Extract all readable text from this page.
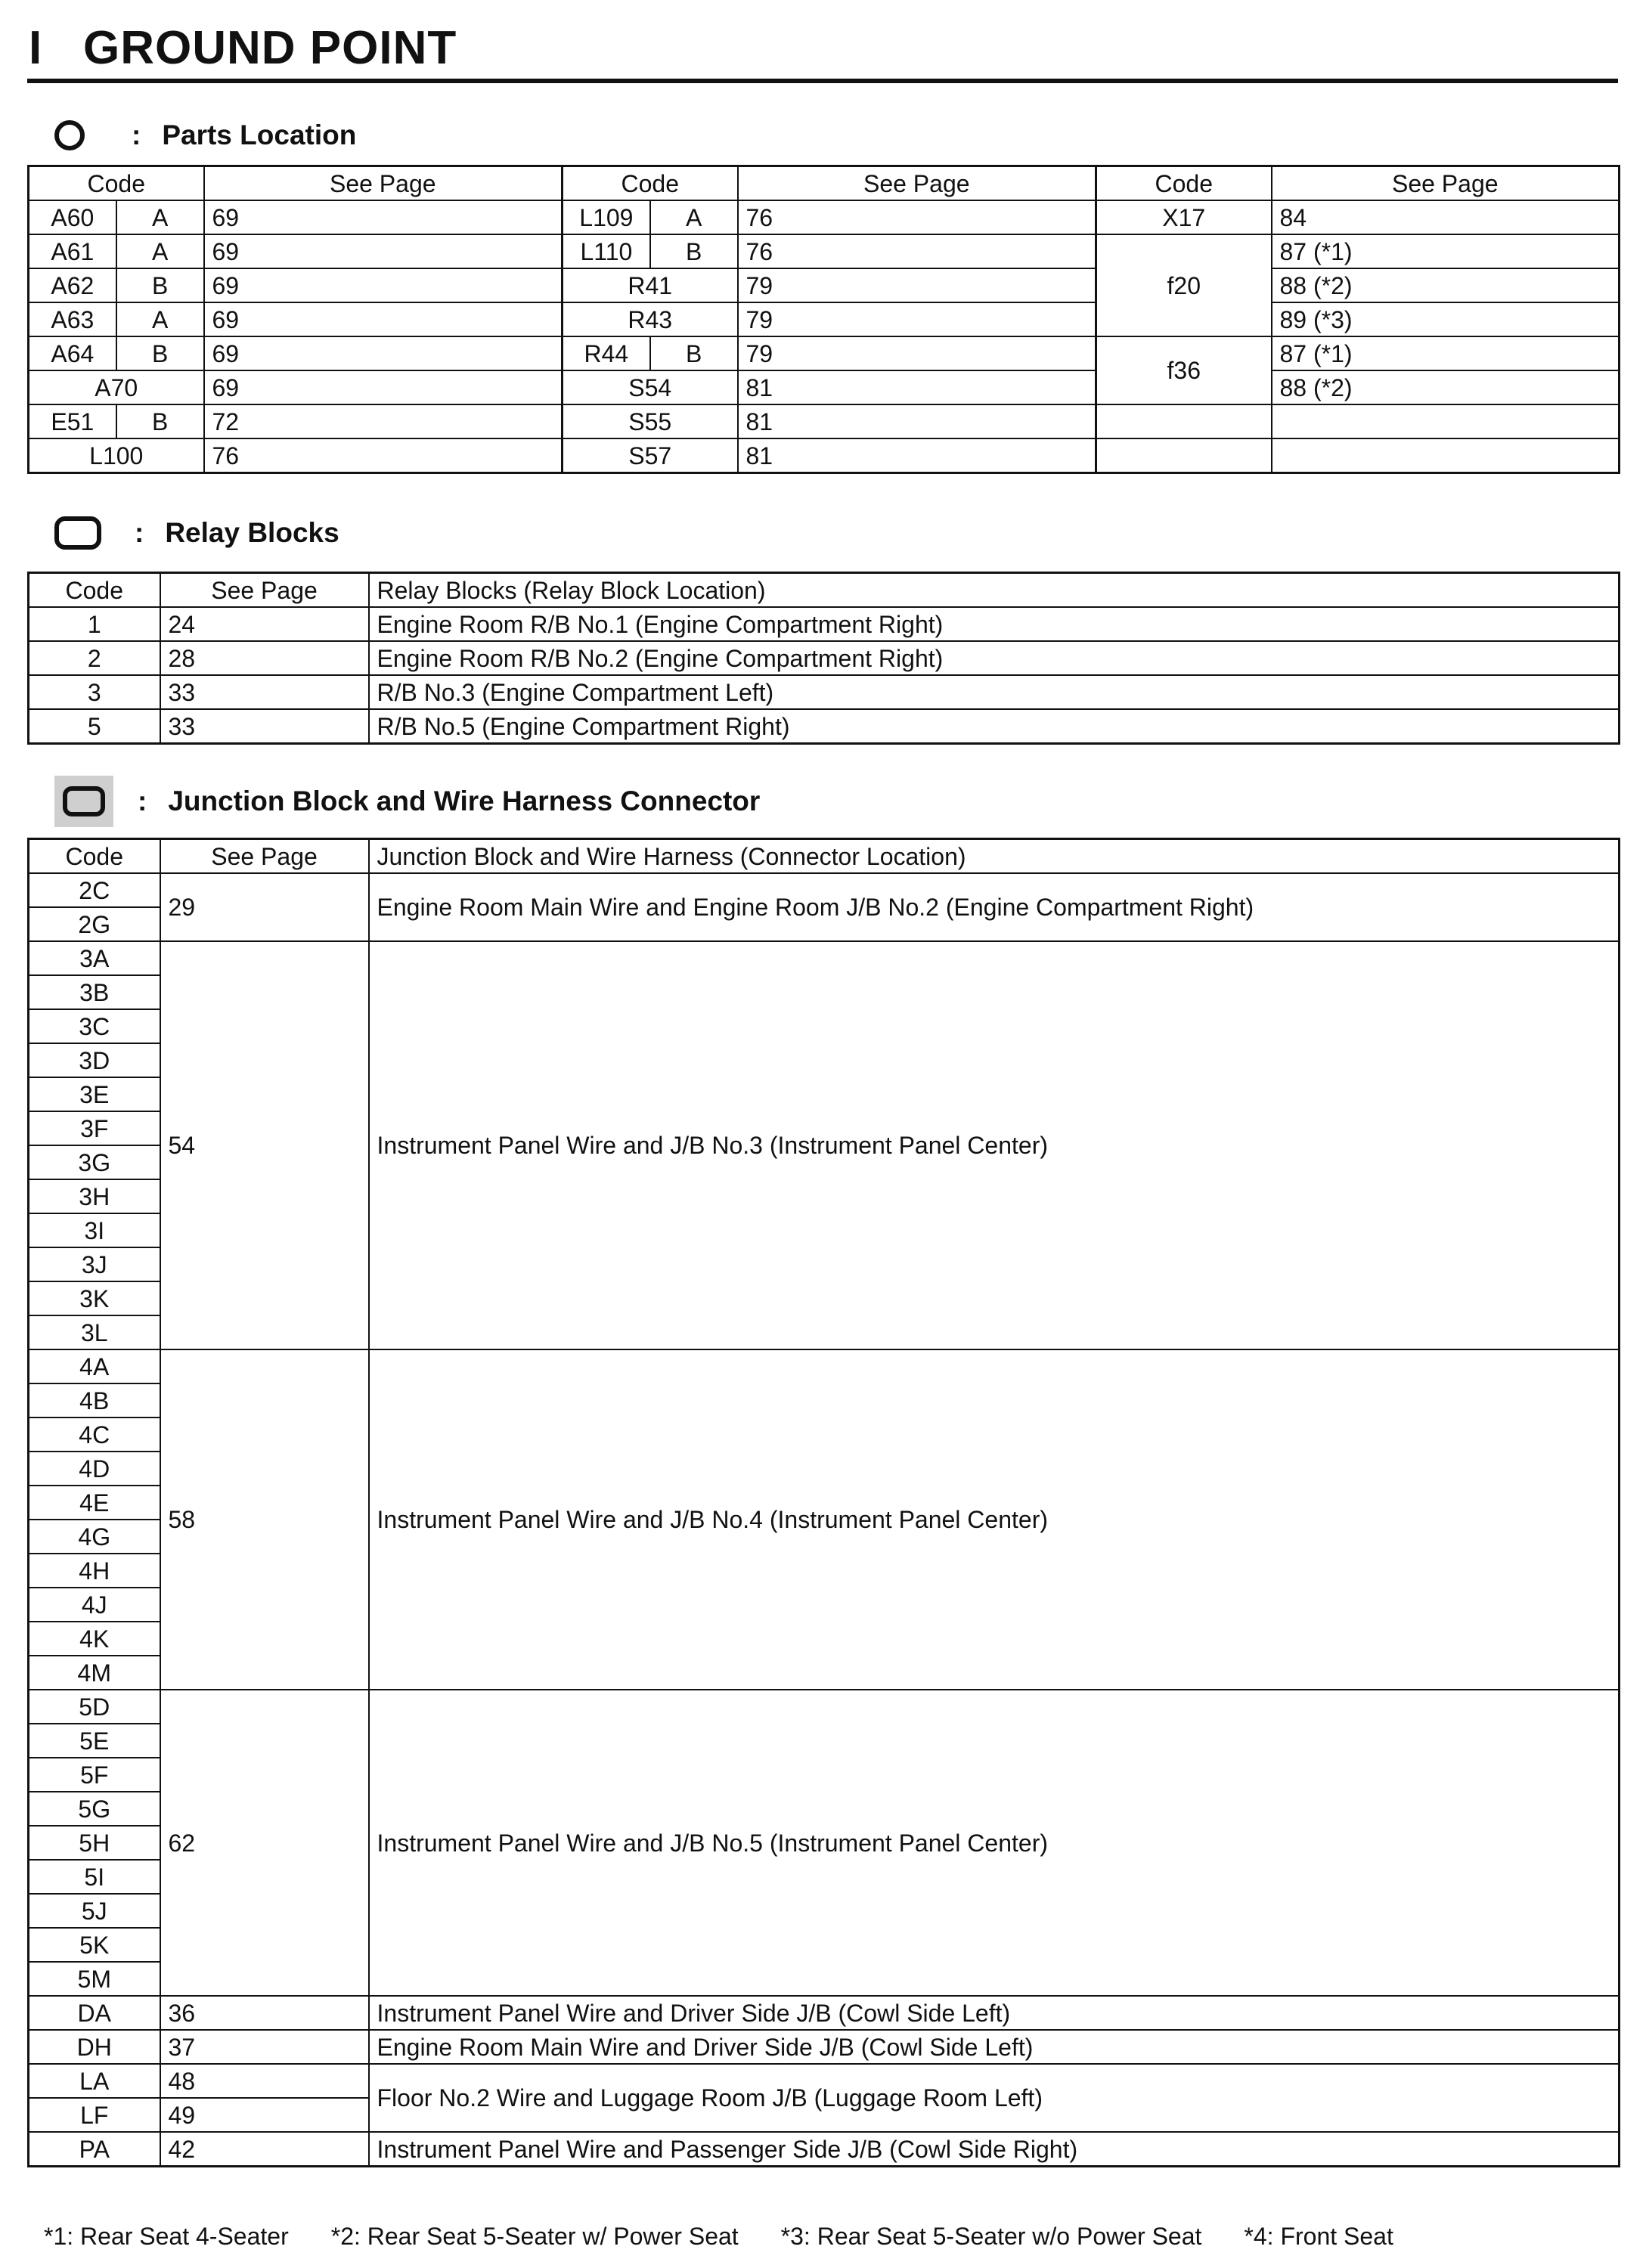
I GROUND POINT
: Parts Location
Code	See Page	Code	See Page	Code	See Page

A60 A	69	L109 A	76	X17	84

A61 A	69	L110 B	76	f20	87 (*1)

A62 B	69	R41	79		88 (*2)

A63 A	69	R43	79		89 (*3)

A64 B	69	R44 B	79	f36	87 (*1)
A70	69	S54	81		88 (*2)

E51 B	72	S55	81		
L100	76	S57	81		
: Relay Blocks
Code	See Page	Relay Blocks (Relay Block Location)
1	24	Engine Room R/B No.1 (Engine Compartment Right)
2	28	Engine Room R/B No.2 (Engine Compartment Right)
3	33	R/B No.3 (Engine Compartment Left)
5	33	R/B No.5 (Engine Compartment Right)
: Junction Block and Wire Harness Connector
Code	See Page	Junction Block and Wire Harness (Connector Location)
2C	29	Engine Room Main Wire and Engine Room J/B No.2 (Engine Compartment Right)
2G		
3A	54	Instrument Panel Wire and J/B No.3 (Instrument Panel Center)
3B		
3C		
3D		
3E		
3F		
3G		
3H		
3I		
3J		
3K		
3L		
4A	58	Instrument Panel Wire and J/B No.4 (Instrument Panel Center)
4B		
4C		
4D		
4E		
4G		
4H		
4J		
4K		
4M		
5D	62	Instrument Panel Wire and J/B No.5 (Instrument Panel Center)
5E		
5F		
5G		
5H		
5I		
5J		
5K		
5M		
DA	36	Instrument Panel Wire and Driver Side J/B (Cowl Side Left)
DH	37	Engine Room Main Wire and Driver Side J/B (Cowl Side Left)
LA	48	Floor No.2 Wire and Luggage Room J/B (Luggage Room Left)
LF	49	
PA	42	Instrument Panel Wire and Passenger Side J/B (Cowl Side Right)
*1: Rear Seat 4-Seater *2: Rear Seat 5-Seater w/ Power Seat *3: Rear Seat 5-Seater w/o Power Seat *4: Front Seat
